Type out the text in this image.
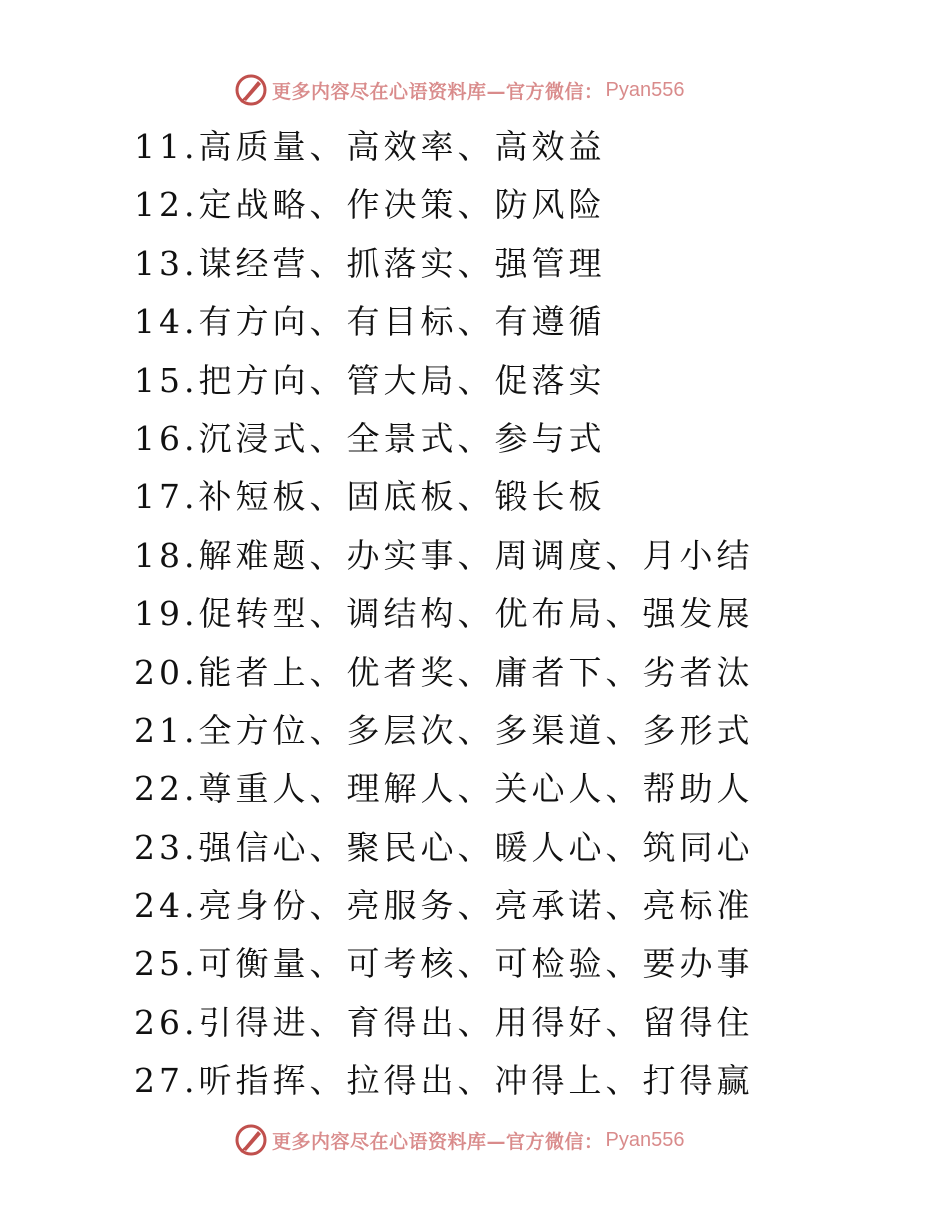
更多内容尽在心语资料库—官方微信： Pyan556
11.高质量、高效率、高效益
12.定战略、作决策、防风险
13.谋经营、抓落实、强管理
14.有方向、有目标、有遵循
15.把方向、管大局、促落实
16.沉浸式、全景式、参与式
17.补短板、固底板、锻长板
18.解难题、办实事、周调度、月小结
19.促转型、调结构、优布局、强发展
20.能者上、优者奖、庸者下、劣者汰
21.全方位、多层次、多渠道、多形式
22.尊重人、理解人、关心人、帮助人
23.强信心、聚民心、暖人心、筑同心
24.亮身份、亮服务、亮承诺、亮标准
25.可衡量、可考核、可检验、要办事
26.引得进、育得出、用得好、留得住
27.听指挥、拉得出、冲得上、打得赢
更多内容尽在心语资料库—官方微信： Pyan556
